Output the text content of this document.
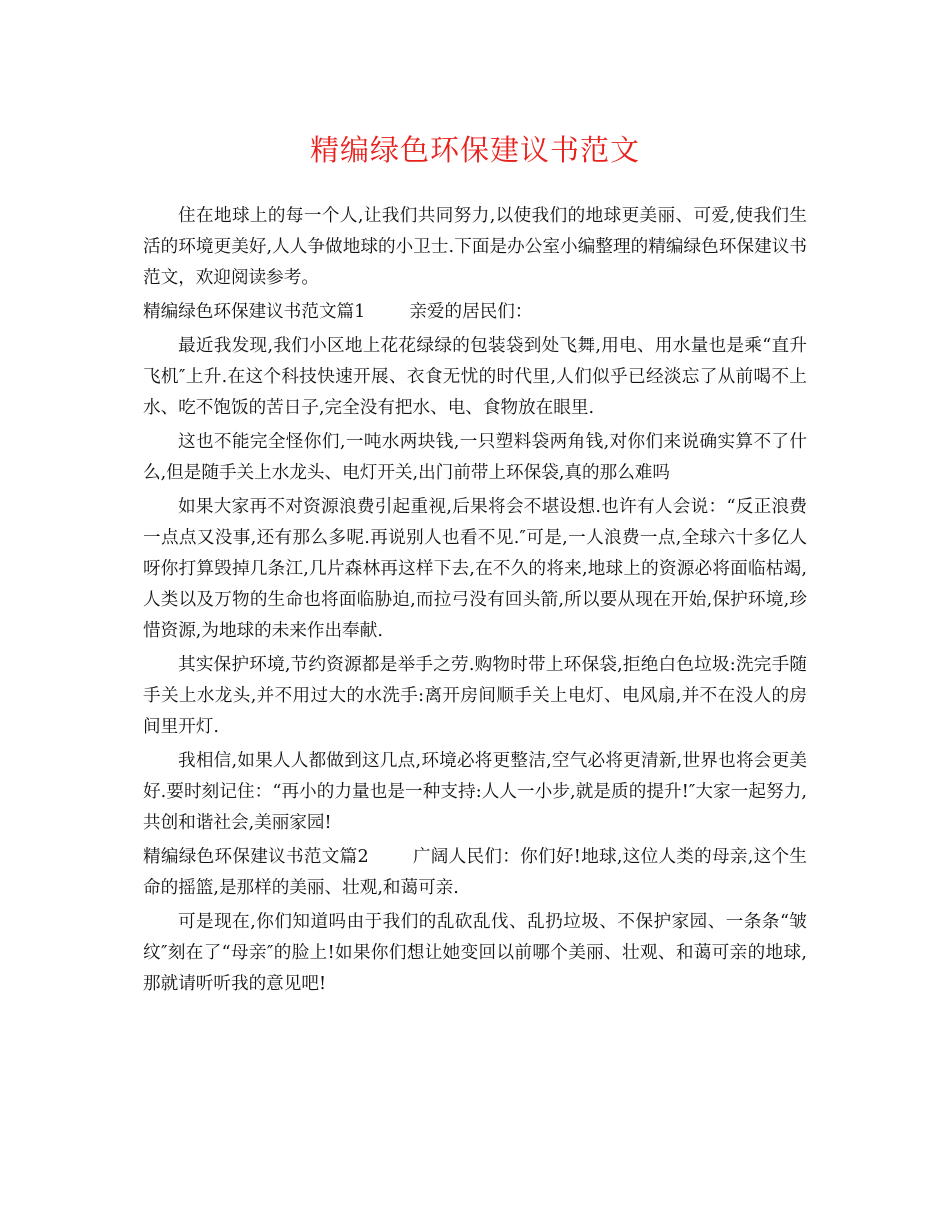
精编绿色环保建议书范文

住在地球上的每一个人,让我们共同努力,以使我们的地球更美丽、可爱,使我们生活的环境更美好,人人争做地球的小卫士.下面是办公室小编整理的精编绿色环保建议书范文，欢迎阅读参考。

精编绿色环保建议书范文篇1	亲爱的居民们：

最近我发现,我们小区地上花花绿绿的包装袋到处飞舞,用电、用水量也是乘“直升飞机″上升.在这个科技快速开展、衣食无忧的时代里,人们似乎已经淡忘了从前喝不上水、吃不饱饭的苦日子,完全没有把水、电、食物放在眼里.

这也不能完全怪你们,一吨水两块钱,一只塑料袋两角钱,对你们来说确实算不了什么,但是随手关上水龙头、电灯开关,出门前带上环保袋,真的那么难吗

如果大家再不对资源浪费引起重视,后果将会不堪设想.也许有人会说：“反正浪费一点点又没事,还有那么多呢.再说别人也看不见.″可是,一人浪费一点,全球六十多亿人呀你打算毁掉几条江,几片森林再这样下去,在不久的将来,地球上的资源必将面临枯竭,人类以及万物的生命也将面临胁迫,而拉弓没有回头箭,所以要从现在开始,保护环境,珍惜资源,为地球的未来作出奉献.

其实保护环境,节约资源都是举手之劳.购物时带上环保袋,拒绝白色垃圾:洗完手随手关上水龙头,并不用过大的水洗手:离开房间顺手关上电灯、电风扇,并不在没人的房间里开灯.

我相信,如果人人都做到这几点,环境必将更整洁,空气必将更清新,世界也将会更美好.要时刻记住：“再小的力量也是一种支持:人人一小步,就是质的提升!″大家一起努力,共创和谐社会,美丽家园!

精编绿色环保建议书范文篇2	广阔人民们：你们好!地球,这位人类的母亲,这个生命的摇篮,是那样的美丽、壮观,和蔼可亲.

可是现在,你们知道吗由于我们的乱砍乱伐、乱扔垃圾、不保护家园、一条条“皱纹″刻在了“母亲″的脸上!如果你们想让她变回以前哪个美丽、壮观、和蔼可亲的地球,那就请听听我的意见吧!
